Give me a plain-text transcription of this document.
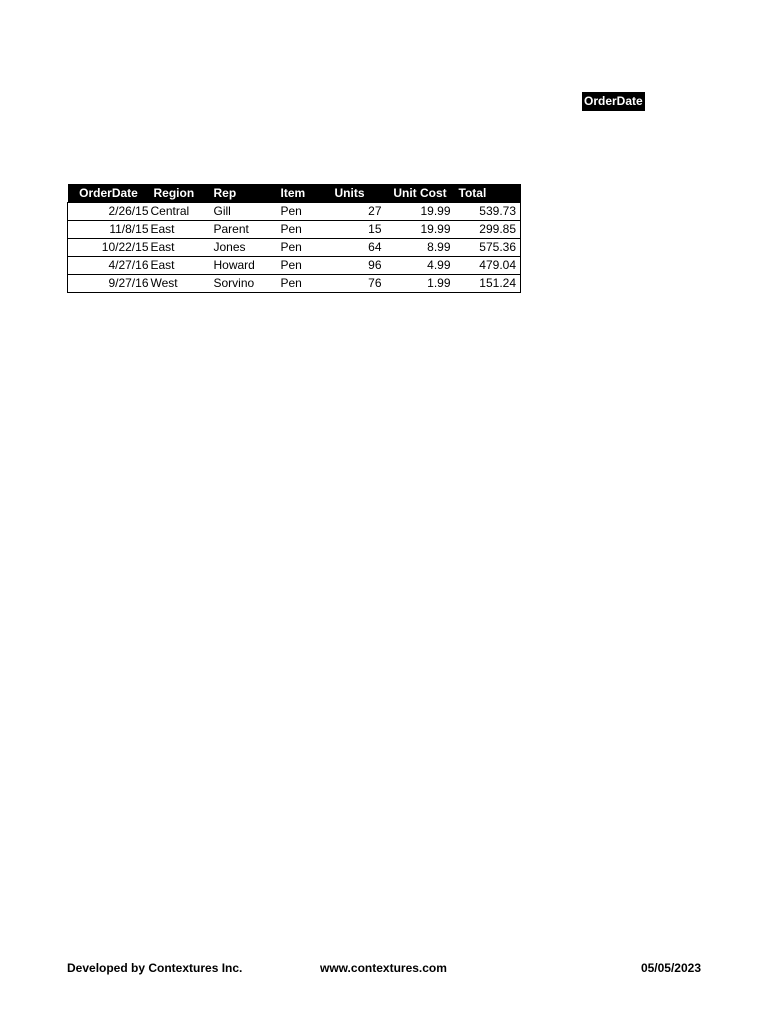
OrderDate
OrderDate	Region	Rep	Item	Units	Unit Cost	Total
2/26/15	Central	Gill	Pen	27	19.99	539.73
11/8/15	East	Parent	Pen	15	19.99	299.85
10/22/15	East	Jones	Pen	64	8.99	575.36
4/27/16	East	Howard	Pen	96	4.99	479.04
9/27/16	West	Sorvino	Pen	76	1.99	151.24
Developed by Contextures Inc.	www.contextures.com	05/05/2023
